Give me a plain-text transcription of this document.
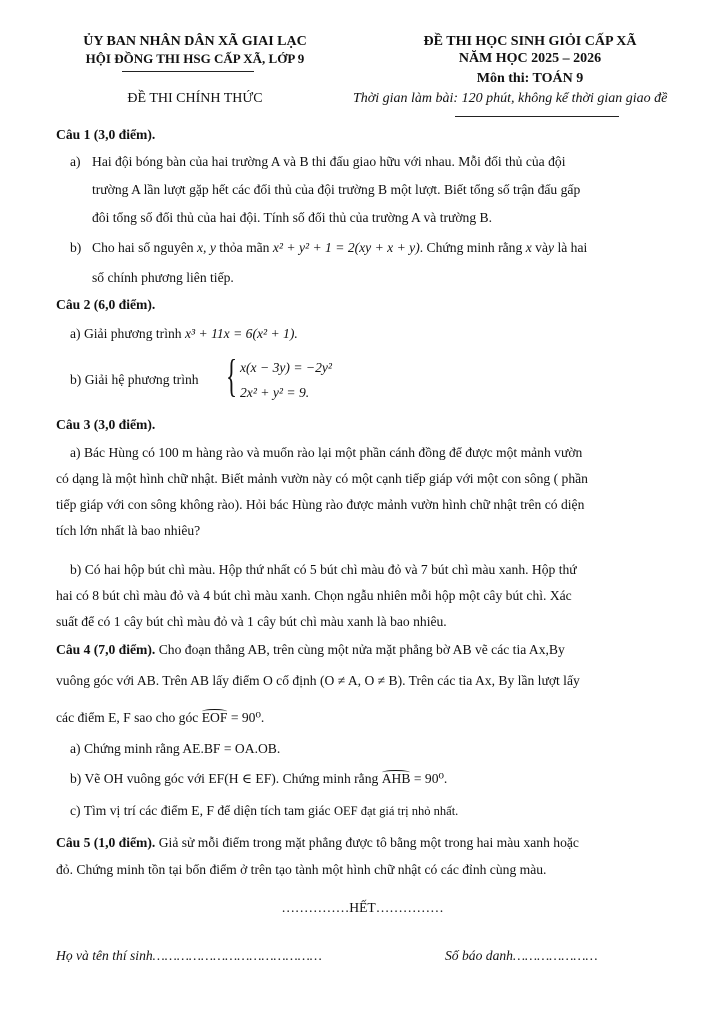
ỦY BAN NHÂN DÂN XÃ GIAI LẠC
HỘI ĐỒNG THI HSG CẤP XÃ, LỚP 9
ĐỀ THI CHÍNH THỨC
ĐỀ THI HỌC SINH GIỎI CẤP XÃ
NĂM HỌC 2025 – 2026
Môn thi: TOÁN 9
Thời gian làm bài: 120 phút, không kể thời gian giao đề
Câu 1 (3,0 điểm).
a) Hai đội bóng bàn của hai trường A và B thi đấu giao hữu với nhau. Mỗi đối thủ của đội
trường A lần lượt gặp hết các đối thủ của đội trường B một lượt. Biết tổng số trận đấu gấp
đôi tổng số đối thủ của hai đội. Tính số đối thủ của trường A và trường B.
b) Cho hai số nguyên x, y thỏa mãn x² + y² + 1 = 2(xy + x + y). Chứng minh rằng x vày là hai
số chính phương liên tiếp.
Câu 2 (6,0 điểm).
a) Giải phương trình x³ + 11x = 6(x² + 1).
b) Giải hệ phương trình { x(x − 3y) = −2y²
2x² + y² = 9.
Câu 3 (3,0 điểm).
a) Bác Hùng có 100 m hàng rào và muốn rào lại một phần cánh đồng để được một mảnh vườn
có dạng là một hình chữ nhật. Biết mảnh vườn này có một cạnh tiếp giáp với một con sông ( phần
tiếp giáp với con sông không rào). Hỏi bác Hùng rào được mảnh vườn hình chữ nhật trên có diện
tích lớn nhất là bao nhiêu?
b) Có hai hộp bút chì màu. Hộp thứ nhất có 5 bút chì màu đỏ và 7 bút chì màu xanh. Hộp thứ
hai có 8 bút chì màu đỏ và 4 bút chì màu xanh. Chọn ngẫu nhiên mỗi hộp một cây bút chì. Xác
suất để có 1 cây bút chì màu đỏ và 1 cây bút chì màu xanh là bao nhiêu.
Câu 4 (7,0 điểm). Cho đoạn thẳng AB, trên cùng một nửa mặt phẳng bờ AB vẽ các tia Ax,By
vuông góc với AB. Trên AB lấy điểm O cố định (O ≠ A, O ≠ B). Trên các tia Ax, By lần lượt lấy
các điểm E, F sao cho góc EOF = 90⁰.
a) Chứng minh rằng AE.BF = OA.OB.
b) Vẽ OH vuông góc với EF(H ∈ EF). Chứng minh rằng AHB = 90⁰.
c) Tìm vị trí các điểm E, F để diện tích tam giác OEF đạt giá trị nhỏ nhất.
Câu 5 (1,0 điểm). Giả sử mỗi điểm trong mặt phẳng được tô bằng một trong hai màu xanh hoặc
đỏ. Chứng minh tồn tại bốn điểm ở trên tạo tành một hình chữ nhật có các đỉnh cùng màu.
……………HẾT……………
Họ và tên thí sinh……………………………………	Số báo danh…………………
